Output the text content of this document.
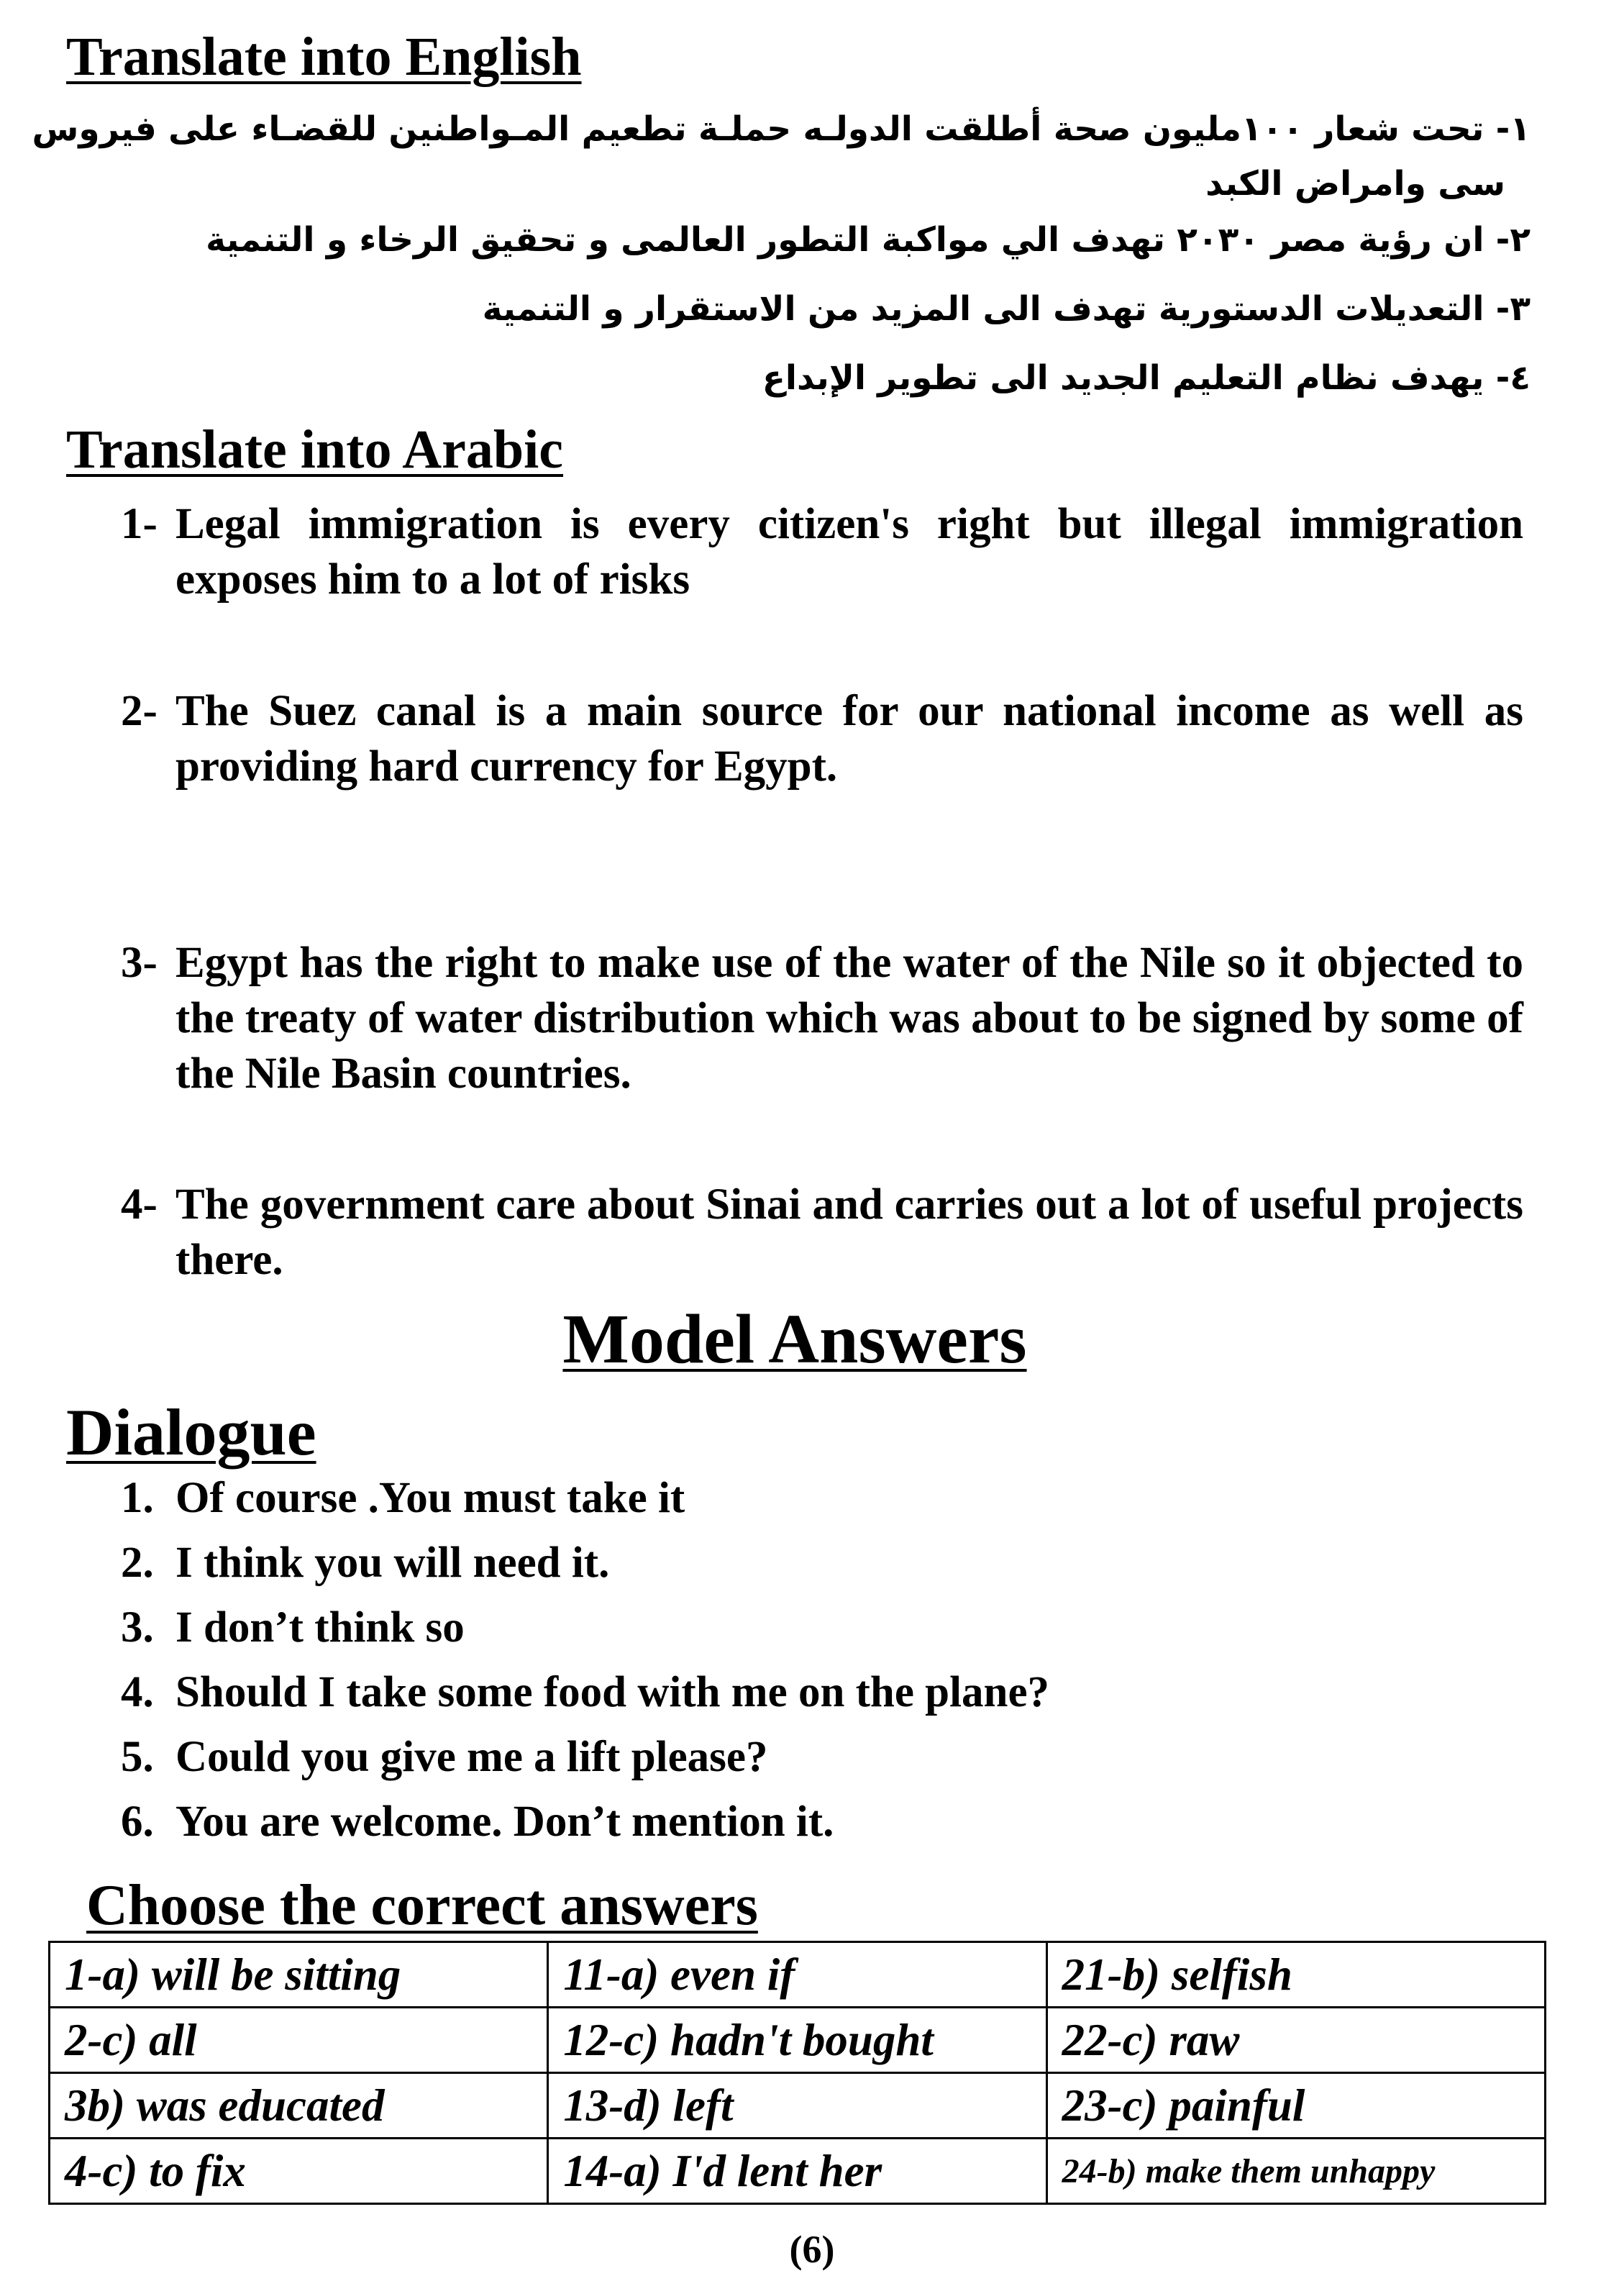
Translate into English
١- تحت شعار ١٠٠مليون صحة أطلقت الدولـه حملـة تطعيم المـواطنين للقضـاء على فيروس
سى وامراض الكبد
٢- ان رؤية مصر ٢٠٣٠ تهدف الي مواكبة التطور العالمى و تحقيق الرخاء و التنمية
٣- التعديلات الدستورية تهدف الى المزيد من الاستقرار و التنمية
٤- يهدف نظام التعليم الجديد الى تطوير الإبداع
Translate into Arabic
1- Legal immigration is every citizen's right but illegal immigration exposes him to a lot of risks
2- The Suez canal is a main source for our national income as well as providing hard currency for Egypt.
3- Egypt has the right to make use of the water of the Nile so it objected to the treaty of water distribution which was about to be signed by some of the Nile Basin countries.
4- The government care about Sinai and carries out a lot of useful projects there.
Model Answers
Dialogue
1. Of course .You must take it
2. I think you will need it.
3. I don’t think so
4. Should I take some food with me on the plane?
5. Could you give me a lift please?
6. You are welcome. Don’t mention it.
Choose the correct answers
1-a) will be sitting	11-a) even if	21-b) selfish
2-c) all	12-c) hadn't bought	22-c) raw
3b) was educated	13-d) left	23-c) painful
4-c) to fix	14-a) I'd lent her	24-b) make them unhappy
(6)
